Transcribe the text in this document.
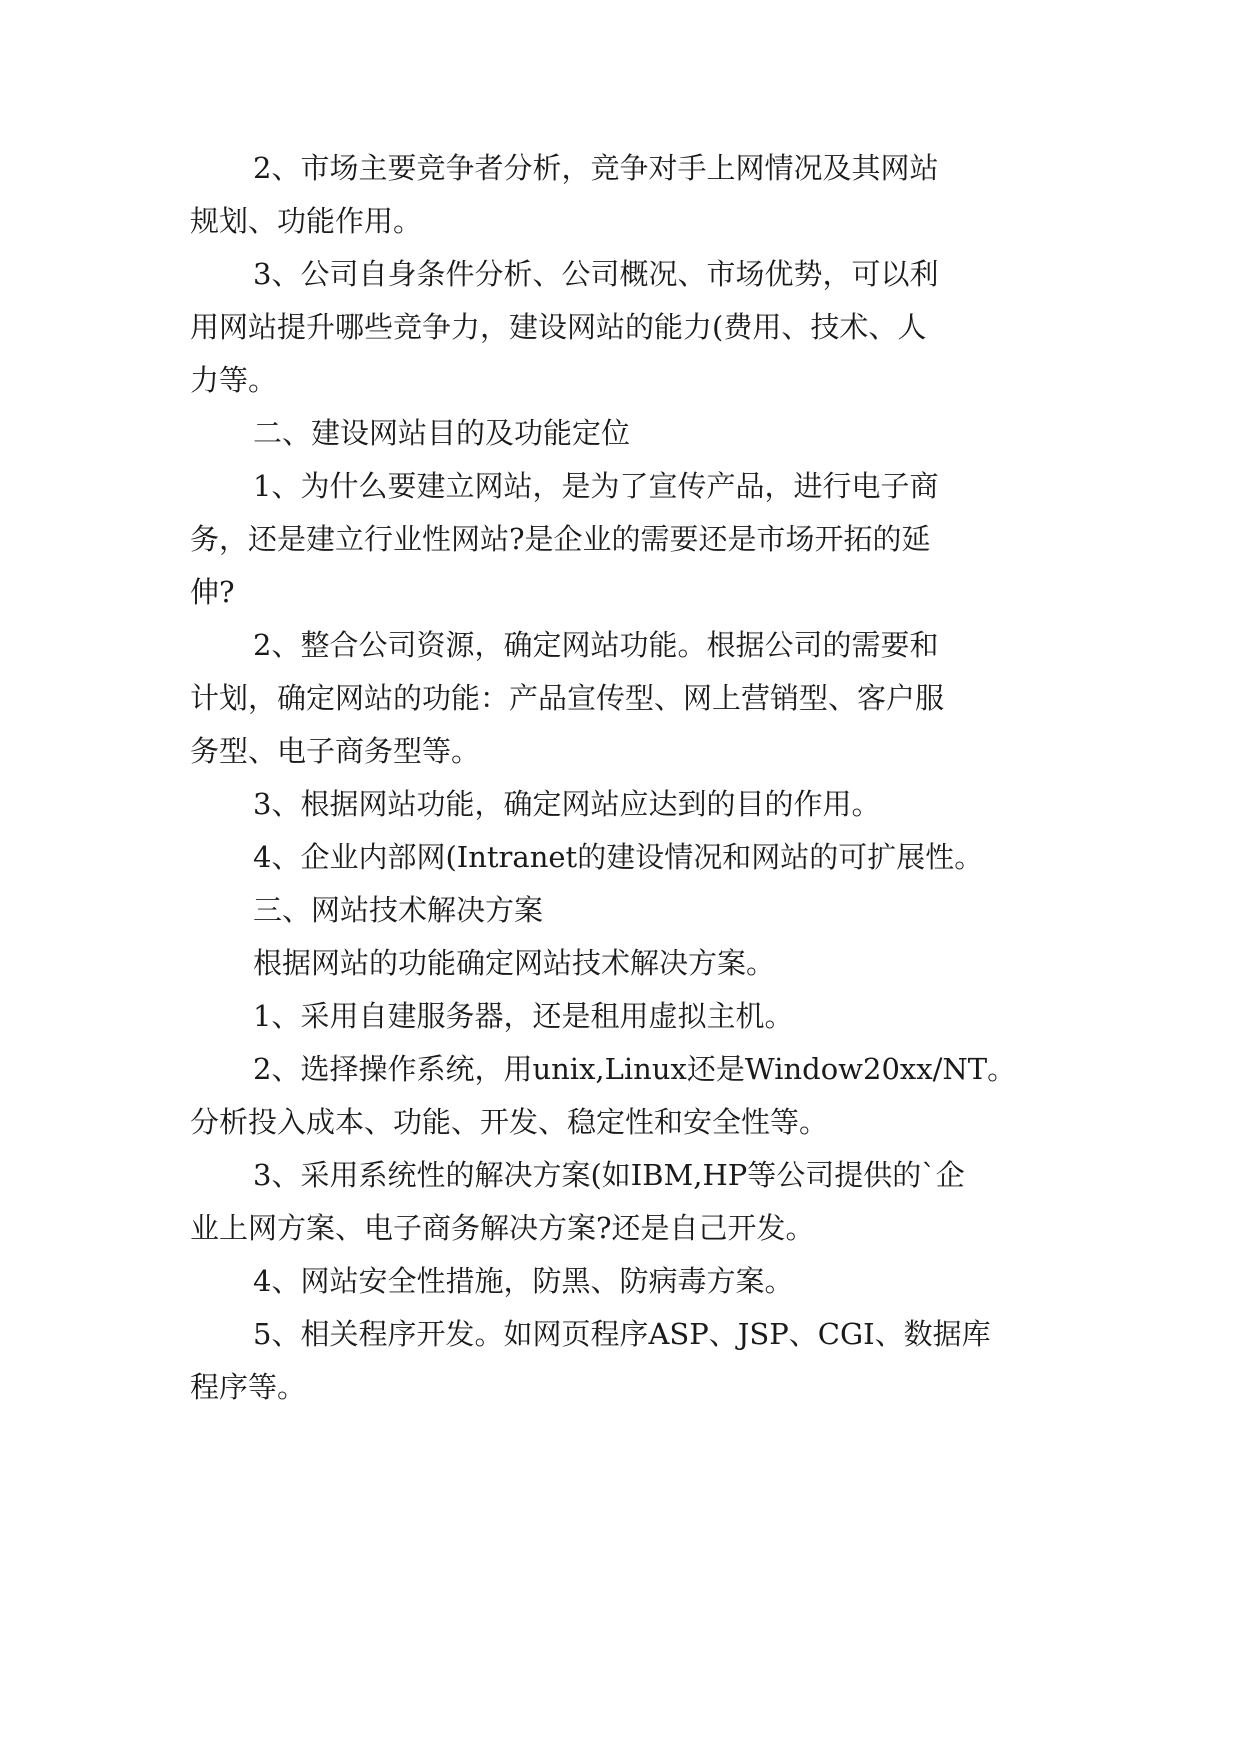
2、市场主要竞争者分析，竞争对手上网情况及其网站
规划、功能作用。
3、公司自身条件分析、公司概况、市场优势，可以利
用网站提升哪些竞争力，建设网站的能力(费用、技术、人
力等。
二、建设网站目的及功能定位
1、为什么要建立网站，是为了宣传产品，进行电子商
务，还是建立行业性网站?是企业的需要还是市场开拓的延
伸?
2、整合公司资源，确定网站功能。根据公司的需要和
计划，确定网站的功能：产品宣传型、网上营销型、客户服
务型、电子商务型等。
3、根据网站功能，确定网站应达到的目的作用。
4、企业内部网(Intranet的建设情况和网站的可扩展性。
三、网站技术解决方案
根据网站的功能确定网站技术解决方案。
1、采用自建服务器，还是租用虚拟主机。
2、选择操作系统，用unix,Linux还是Window20xx/NT。
分析投入成本、功能、开发、稳定性和安全性等。
3、采用系统性的解决方案(如IBM,HP等公司提供的`企
业上网方案、电子商务解决方案?还是自己开发。
4、网站安全性措施，防黑、防病毒方案。
5、相关程序开发。如网页程序ASP、JSP、CGI、数据库
程序等。
